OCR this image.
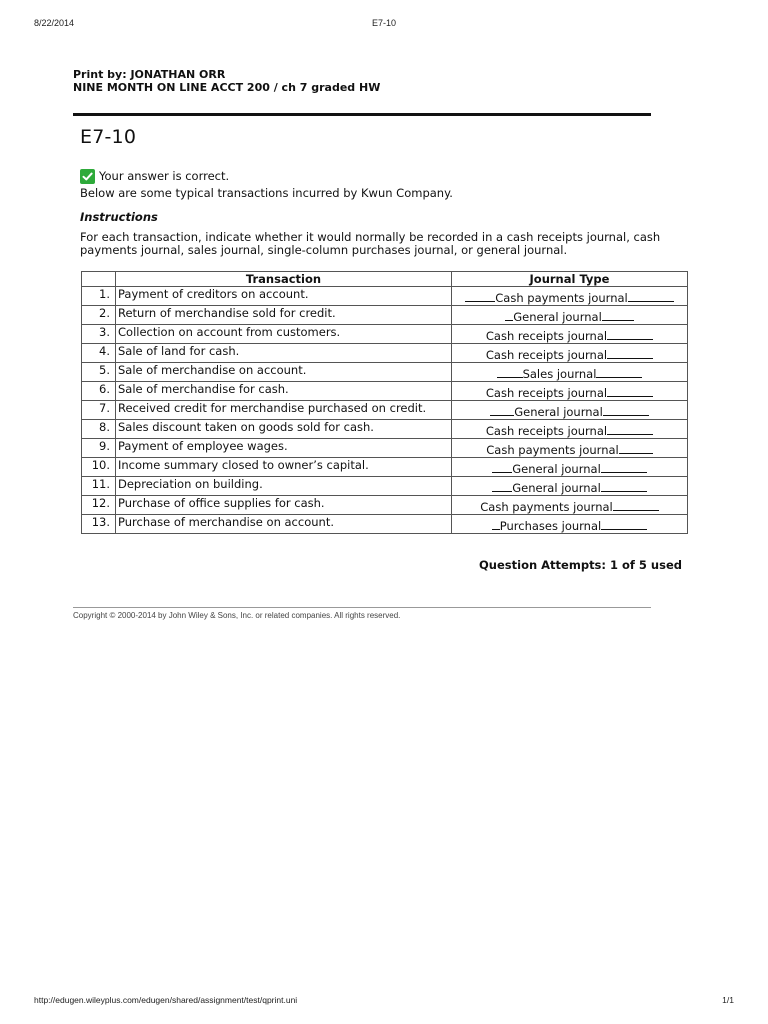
8/22/2014	E7-10
Print by: JONATHAN ORR
NINE MONTH ON LINE ACCT 200 / ch 7 graded HW
E7-10
Your answer is correct.
Below are some typical transactions incurred by Kwun Company.
Instructions
For each transaction, indicate whether it would normally be recorded in a cash receipts journal, cash payments journal, sales journal, single-column purchases journal, or general journal.
	Transaction	Journal Type
1.	Payment of creditors on account.	Cash payments journal
2.	Return of merchandise sold for credit.	General journal
3.	Collection on account from customers.	Cash receipts journal
4.	Sale of land for cash.	Cash receipts journal
5.	Sale of merchandise on account.	Sales journal
6.	Sale of merchandise for cash.	Cash receipts journal
7.	Received credit for merchandise purchased on credit.	General journal
8.	Sales discount taken on goods sold for cash.	Cash receipts journal
9.	Payment of employee wages.	Cash payments journal
10.	Income summary closed to owner’s capital.	General journal
11.	Depreciation on building.	General journal
12.	Purchase of office supplies for cash.	Cash payments journal
13.	Purchase of merchandise on account.	Purchases journal
Question Attempts: 1 of 5 used
Copyright © 2000-2014 by John Wiley & Sons, Inc. or related companies. All rights reserved.
http://edugen.wileyplus.com/edugen/shared/assignment/test/qprint.uni	1/1
